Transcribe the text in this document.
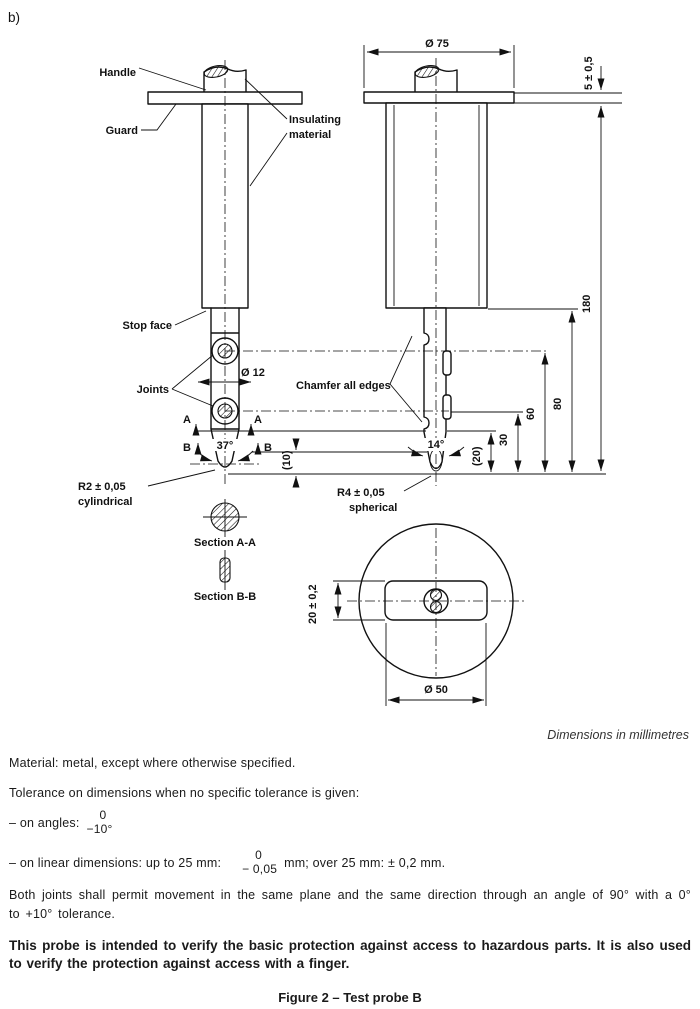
b)
Handle
Guard
Insulating
material
Stop face
Joints	Chamfer all edges
Ø 12
37°	14°
A	A
B	B
R2 ± 0,05
cylindrical
R4 ± 0,05
spherical
Section A-A
Section B-B
Ø 75
5 ± 0,5
180
80
60
30
(20)
(10)
20 ± 0,2
Ø 50
Dimensions in millimetres

Material: metal, except where otherwise specified.

Tolerance on dimensions when no specific tolerance is given:

– on angles:
0
−10°
– on linear dimensions: up to 25 mm:
0
− 0,05 mm; over 25 mm: ± 0,2 mm.

Both joints shall permit movement in the same plane and the same direction through an angle of 90° with a 0° to +10° tolerance.

This probe is intended to verify the basic protection against access to hazardous parts. It is also used to verify the protection against access with a finger.

Figure 2 – Test probe B
